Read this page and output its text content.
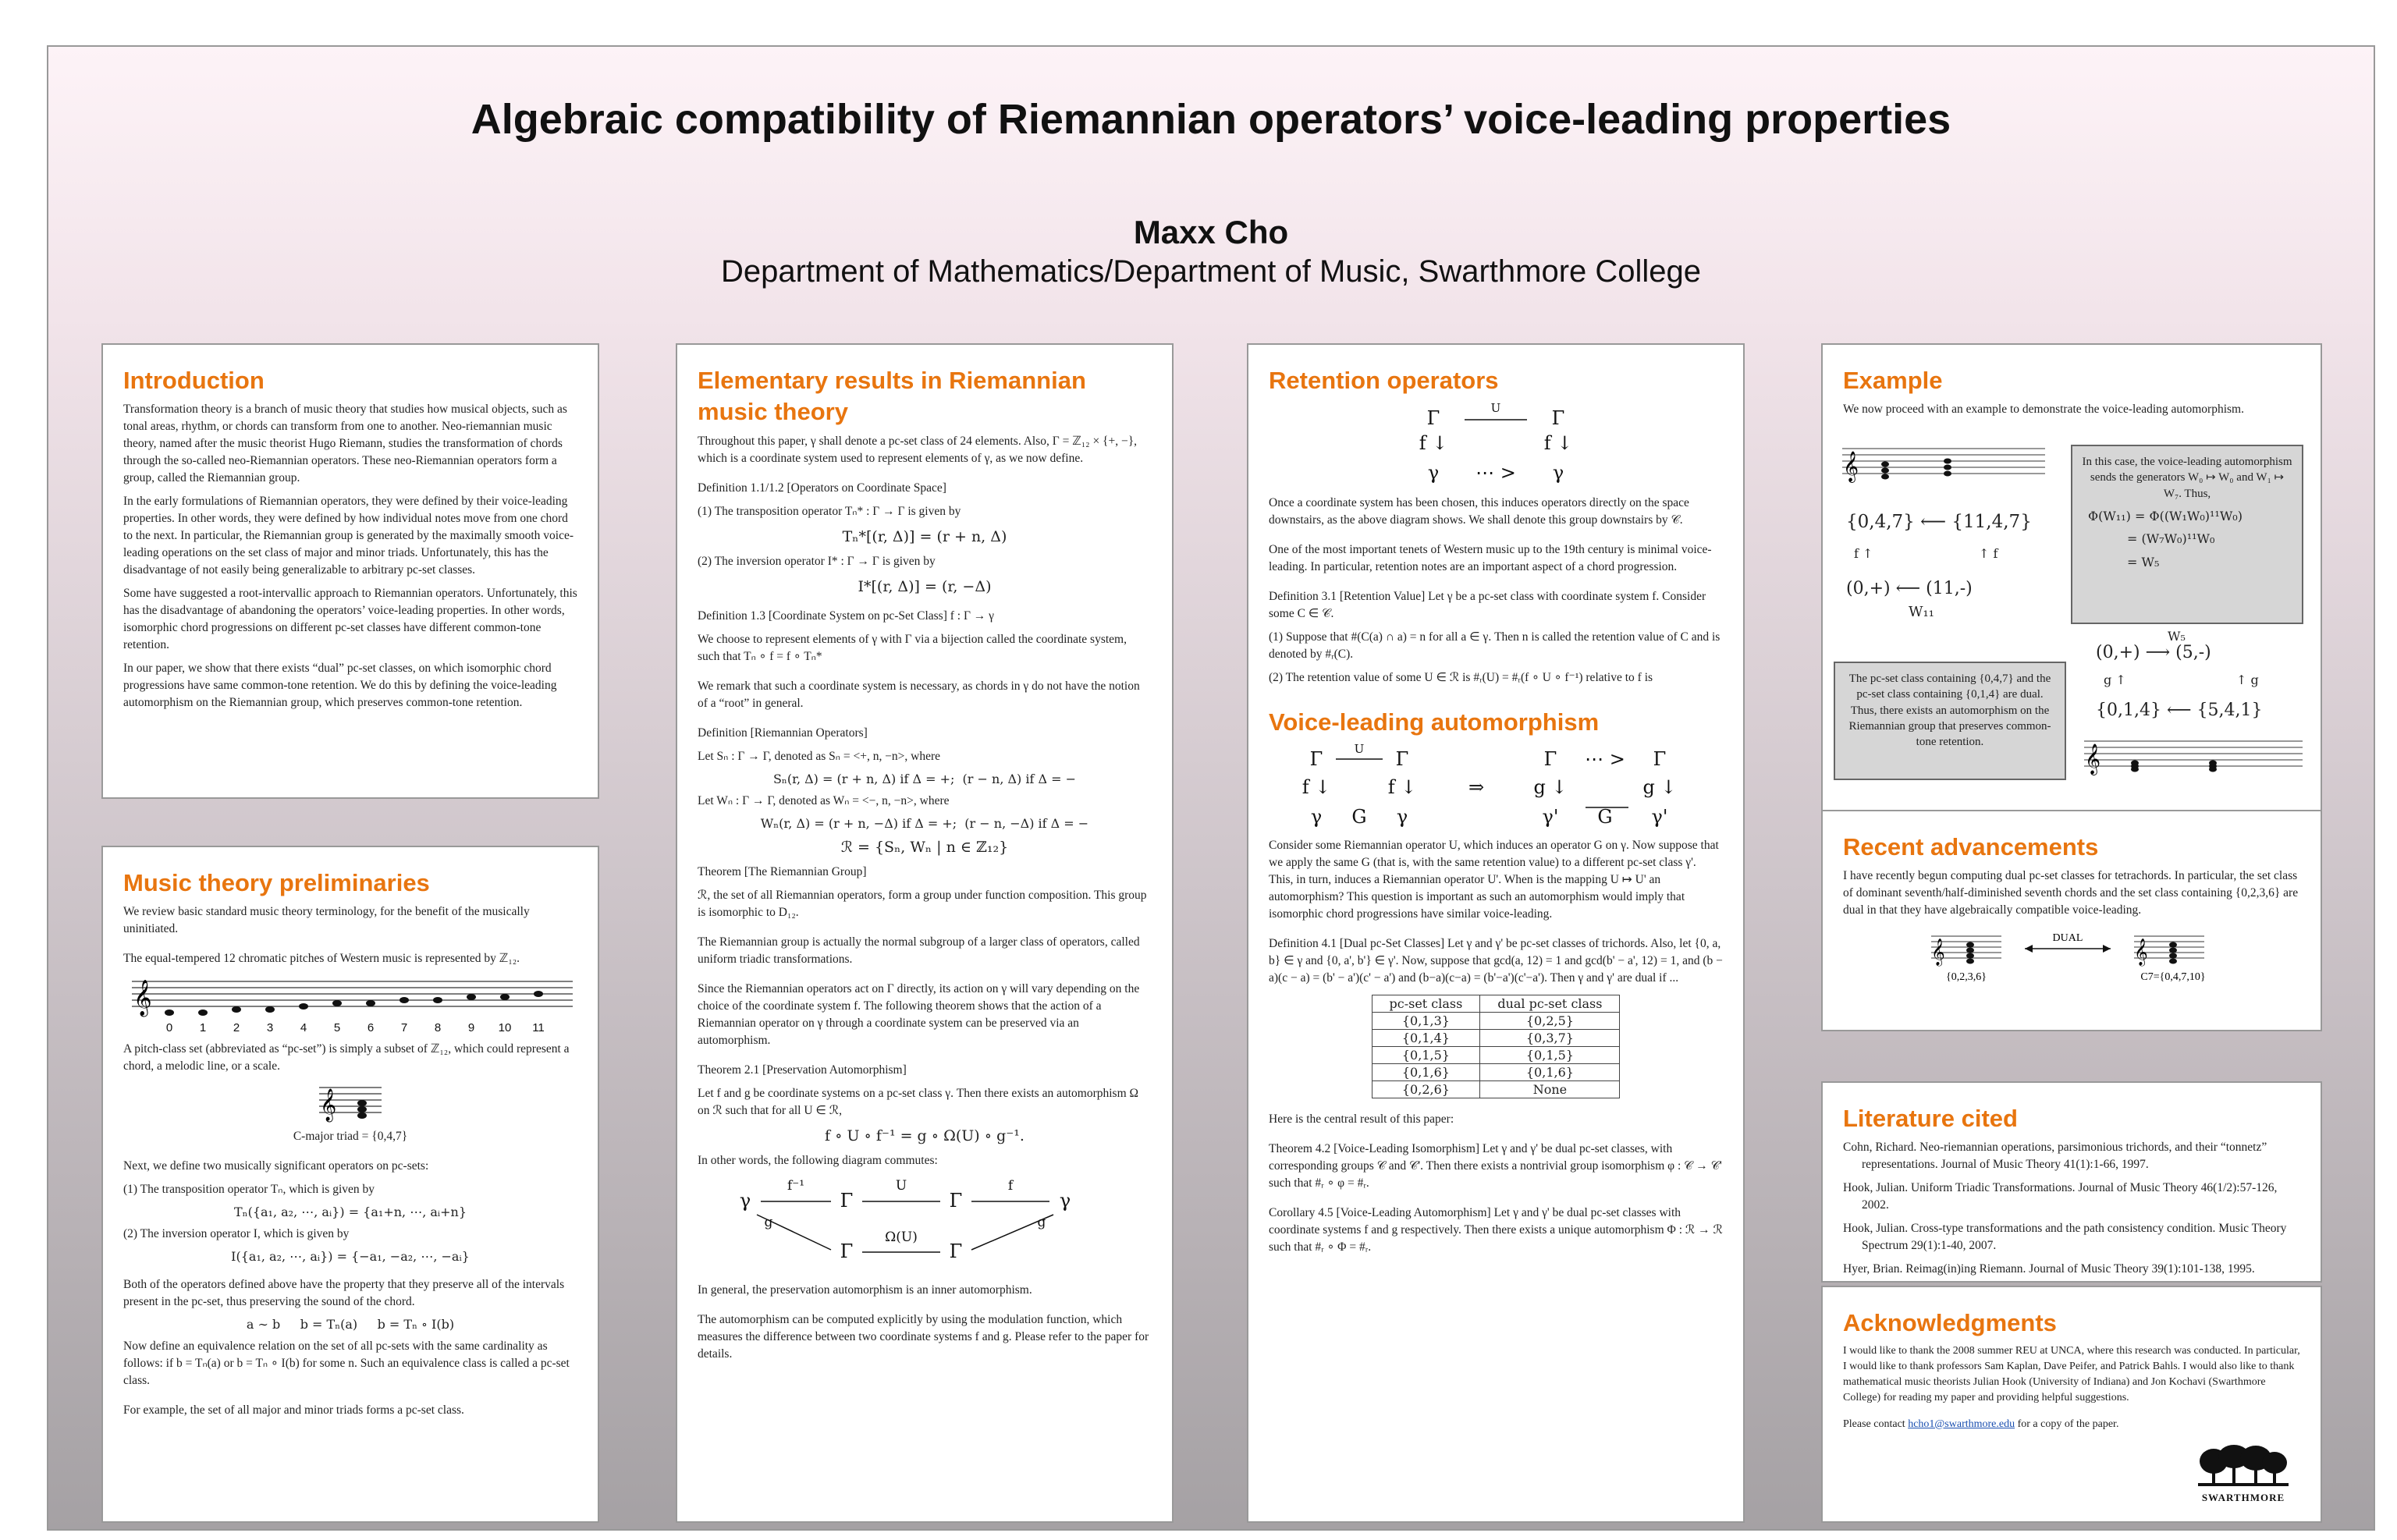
Algebraic compatibility of Riemannian operators’ voice-leading properties
Maxx Cho
Department of Mathematics/Department of Music, Swarthmore College
Introduction

Transformation theory is a branch of music theory that studies how musical objects, such as tonal areas, rhythm, or chords can transform from one to another. Neo-riemannian music theory, named after the music theorist Hugo Riemann, studies the transformation of chords through the so-called neo-Riemannian operators. These neo-Riemannian operators form a group, called the Riemannian group.

In the early formulations of Riemannian operators, they were defined by their voice-leading properties. In other words, they were defined by how individual notes move from one chord to the next. In particular, the Riemannian group is generated by the maximally smooth voice-leading operations on the set class of major and minor triads. Unfortunately, this has the disadvantage of not easily being generalizable to arbitrary pc-set classes.

Some have suggested a root-intervallic approach to Riemannian operators. Unfortunately, this has the disadvantage of abandoning the operators’ voice-leading properties. In other words, isomorphic chord progressions on different pc-set classes have different common-tone retention.

In our paper, we show that there exists “dual” pc-set classes, on which isomorphic chord progressions have same common-tone retention. We do this by defining the voice-leading automorphism on the Riemannian group, which preserves common-tone retention.

Music theory preliminaries

We review basic standard music theory terminology, for the benefit of the musically uninitiated.

The equal-tempered 12 chromatic pitches of Western music is represented by ℤ₁₂.

𝄞
0 1 2 3 4 5 6 7 8 9 10 11

A pitch-class set (abbreviated as “pc-set”) is simply a subset of ℤ₁₂, which could represent a chord, a melodic line, or a scale.

𝄞

C-major triad = {0,4,7}

Next, we define two musically significant operators on pc-sets:

(1) The transposition operator Tₙ, which is given by

Tₙ({a₁, a₂, ⋯, aᵢ}) = {a₁+n, ⋯, aᵢ+n}

(2) The inversion operator I, which is given by

I({a₁, a₂, ⋯, aᵢ}) = {−a₁, −a₂, ⋯, −aᵢ}

Both of the operators defined above have the property that they preserve all of the intervals present in the pc-set, thus preserving the sound of the chord.

a ∼ b     b = Tₙ(a)     b = Tₙ ∘ I(b)

Now define an equivalence relation on the set of all pc-sets with the same cardinality as follows: if b = Tₙ(a) or b = Tₙ ∘ I(b) for some n. Such an equivalence class is called a pc-set class.

For example, the set of all major and minor triads forms a pc-set class.

Elementary results in Riemannian music theory

Throughout this paper, γ shall denote a pc-set class of 24 elements. Also, Γ = ℤ₁₂ × {+, −}, which is a coordinate system used to represent elements of γ, as we now define.

Definition 1.1/1.2 [Operators on Coordinate Space]

(1) The transposition operator Tₙ* : Γ → Γ is given by

Tₙ*[(r, Δ)] = (r + n, Δ)

(2) The inversion operator I* : Γ → Γ is given by

I*[(r, Δ)] = (r, −Δ)

Definition 1.3 [Coordinate System on pc-Set Class] f : Γ → γ

We choose to represent elements of γ with Γ via a bijection called the coordinate system, such that Tₙ ∘ f = f ∘ Tₙ*

We remark that such a coordinate system is necessary, as chords in γ do not have the notion of a “root” in general.

Definition [Riemannian Operators]

Let Sₙ : Γ → Γ, denoted as Sₙ = <+, n, −n>, where

Sₙ(r, Δ) = (r + n, Δ) if Δ = +;  (r − n, Δ) if Δ = −

Let Wₙ : Γ → Γ, denoted as Wₙ = <−, n, −n>, where

Wₙ(r, Δ) = (r + n, −Δ) if Δ = +;  (r − n, −Δ) if Δ = −
ℛ = {Sₙ, Wₙ | n ∈ ℤ₁₂}

Theorem [The Riemannian Group]

ℛ, the set of all Riemannian operators, form a group under function composition. This group is isomorphic to D₁₂.

The Riemannian group is actually the normal subgroup of a larger class of operators, called uniform triadic transformations.

Since the Riemannian operators act on Γ directly, its action on γ will vary depending on the choice of the coordinate system f. The following theorem shows that the action of a Riemannian operator on γ through a coordinate system can be preserved via an automorphism.

Theorem 2.1 [Preservation Automorphism]

Let f and g be coordinate systems on a pc-set class γ. Then there exists an automorphism Ω on ℛ such that for all U ∈ ℛ,

f ∘ U ∘ f⁻¹ = g ∘ Ω(U) ∘ g⁻¹.

In other words, the following diagram commutes:

γ	Γ	Γ	γ
Γ	Γ
f⁻¹	U	f
Ω(U)
g	g

In general, the preservation automorphism is an inner automorphism.

The automorphism can be computed explicitly by using the modulation function, which measures the difference between two coordinate systems f and g. Please refer to the paper for details.

Retention operators
Γ	Γ
f ↓	f ↓
γ ⋯ > γ
U

Once a coordinate system has been chosen, this induces operators directly on the space downstairs, as the above diagram shows. We shall denote this group downstairs by 𝒞.

One of the most important tenets of Western music up to the 19th century is minimal voice-leading. In particular, retention notes are an important aspect of a chord progression.

Definition 3.1 [Retention Value] Let γ be a pc-set class with coordinate system f. Consider some C ∈ 𝒞.

(1) Suppose that #(C(a) ∩ a) = n for all a ∈ γ. Then n is called the retention value of C and is denoted by #ᵣ(C).

(2) The retention value of some U ∈ ℛ is #ᵣ(U) = #ᵣ(f ∘ U ∘ f⁻¹) relative to f is

Voice-leading automorphism
Γ	Γ	Γ	Γ
f ↓	f ↓	⇒	g ↓	g ↓
γ G γ	γ' G γ'
U	⋯ >

Consider some Riemannian operator U, which induces an operator G on γ. Now suppose that we apply the same G (that is, with the same retention value) to a different pc-set class γ'. This, in turn, induces a Riemannian operator U'. When is the mapping U ↦ U' an automorphism? This question is important as such an automorphism would imply that isomorphic chord progressions have similar voice-leading.

Definition 4.1 [Dual pc-Set Classes] Let γ and γ' be pc-set classes of trichords. Also, let {0, a, b} ∈ γ and {0, a', b'} ∈ γ'. Now, suppose that gcd(a, 12) = 1 and gcd(b' − a', 12) = 1, and (b − a)(c − a) = (b' − a')(c' − a') and (b−a)(c−a) = (b'−a')(c'−a'). Then γ and γ' are dual if ...

pc-set class	dual pc-set class
{0,1,3}	{0,2,5}
{0,1,4}	{0,3,7}
{0,1,5}	{0,1,5}
{0,1,6}	{0,1,6}
{0,2,6}	None

Here is the central result of this paper:

Theorem 4.2 [Voice-Leading Isomorphism] Let γ and γ' be dual pc-set classes, with corresponding groups 𝒞 and 𝒞'. Then there exists a nontrivial group isomorphism φ : 𝒞 → 𝒞' such that #ᵣ ∘ φ = #ᵣ.

Corollary 4.5 [Voice-Leading Automorphism] Let γ and γ' be dual pc-set classes with coordinate systems f and g respectively. Then there exists a unique automorphism Φ : ℛ → ℛ such that #ᵣ ∘ Φ = #ᵣ.

Example

We now proceed with an example to demonstrate the voice-leading automorphism.

𝄞
{0,4,7} ⟵ {11,4,7}
f ↑	↑ f
(0,+) ⟵ (11,-)
W₁₁
In this case, the voice-leading automorphism sends the generators W₀ ↦ W₀ and W₁ ↦ W₇. Thus,
Φ(W₁₁) = Φ((W₁W₀)¹¹W₀)
= (W₇W₀)¹¹W₀
= W₅
The pc-set class containing {0,4,7} and the pc-set class containing {0,1,4} are dual. Thus, there exists an automorphism on the Riemannian group that preserves common-tone retention.
(0,+) ⟶ (5,-)
W₅
g ↑	↑ g
{0,1,4} ⟵ {5,4,1}
𝄞
Recent advancements

I have recently begun computing dual pc-set classes for tetrachords. In particular, the set class of dominant seventh/half-diminished seventh chords and the set class containing {0,2,3,6} are dual in that they have algebraically compatible voice-leading.

𝄞	𝄞
DUAL
{0,2,3,6}	C7={0,4,7,10}
Literature cited

Cohn, Richard. Neo-riemannian operations, parsimonious trichords, and their “tonnetz” representations. Journal of Music Theory 41(1):1-66, 1997.

Hook, Julian. Uniform Triadic Transformations. Journal of Music Theory 46(1/2):57-126, 2002.

Hook, Julian. Cross-type transformations and the path consistency condition. Music Theory Spectrum 29(1):1-40, 2007.

Hyer, Brian. Reimag(in)ing Riemann. Journal of Music Theory 39(1):101-138, 1995.

Acknowledgments

I would like to thank the 2008 summer REU at UNCA, where this research was conducted. In particular, I would like to thank professors Sam Kaplan, Dave Peifer, and Patrick Bahls. I would also like to thank mathematical music theorists Julian Hook (University of Indiana) and Jon Kochavi (Swarthmore College) for reading my paper and providing helpful suggestions.

Please contact hcho1@swarthmore.edu for a copy of the paper.

SWARTHMORE
